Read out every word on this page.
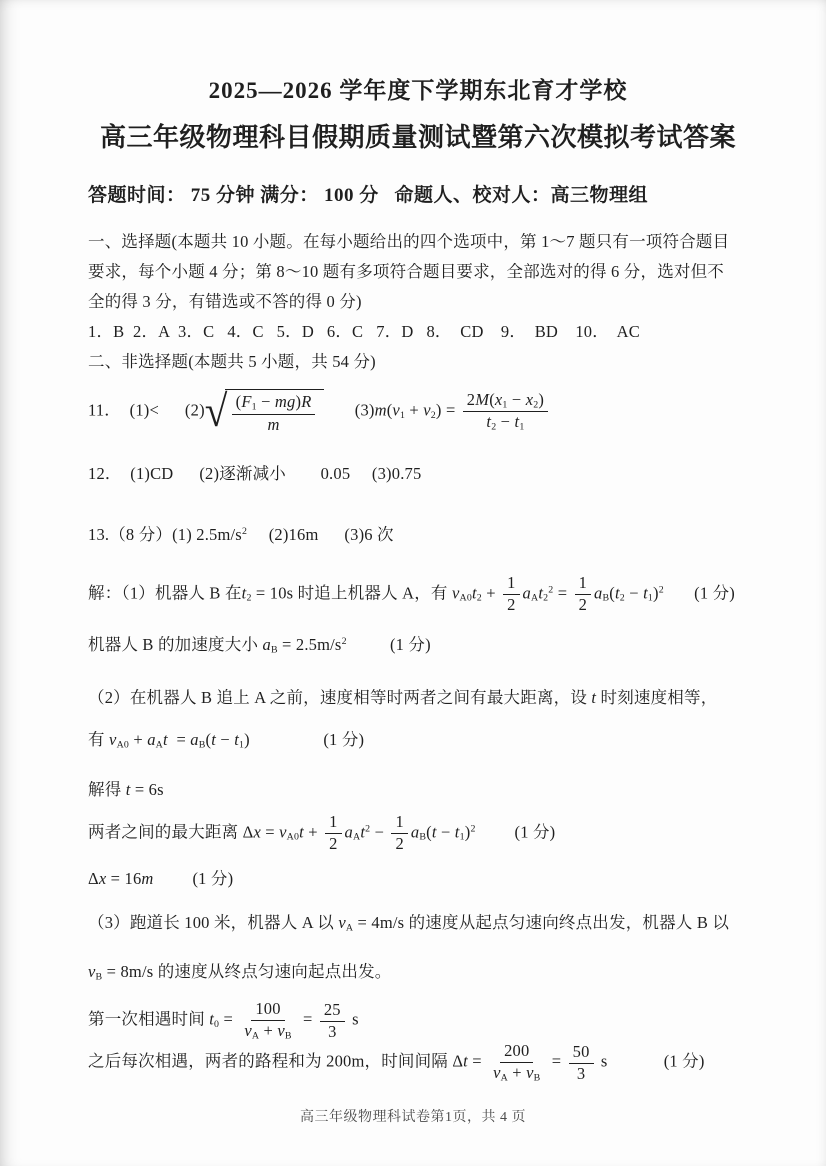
2025—2026 学年度下学期东北育才学校
高三年级物理科目假期质量测试暨第六次模拟考试答案

答题时间： 75 分钟 满分： 100 分   命题人、校对人：高三物理组

一、选择题(本题共 10 小题。在每小题给出的四个选项中，第 1～7 题只有一项符合题目
要求，每个小题 4 分；第 8～10 题有多项符合题目要求，全部选对的得 6 分，选对但不
全的得 3 分，有错选或不答的得 0 分)
1．B  2．A  3．C   4．C   5．D   6．C   7．D   8．  CD    9．  BD    10．  AC
二、非选择题(本题共 5 小题，共 54 分)
11．  (1)<      (2) √ $\frac{(F1 - mg)R}{m} (3)m(v1 + v2) = \frac{2M(x1 - x2)}{t2 - t1}$
12．  (1)CD      (2)逐渐减小        0.05     (3)0.75
13.（8 分）(1) $2.5m/s^2$     (2)16m      (3)6 次
解：（1）机器人 B 在t2 = 10s 时追上机器人 A，有 $vA0t2 + \frac{1}{2} aAt2^2 = \frac{1}{2} aB(t2 - t1)^2$       (1 分)
机器人 B 的加速度大小 aB = $2.5m/s^2$          (1 分)
（2）在机器人 B 追上 A 之前，速度相等时两者之间有最大距离，设 t 时刻速度相等，
有 vA0 + aAt  = aB(t − t1)                 (1 分)
解得 t = 6s
两者之间的最大距离 $\Delta x = vA0t + \frac{1}{2} aAt^2 - \frac{1}{2} aB(t - t1)^2$         (1 分)
Δx = 16m         (1 分)
（3）跑道长 100 米，机器人 A 以 vA = 4m/s 的速度从起点匀速向终点出发，机器人 B 以
vB = 8m/s 的速度从终点匀速向起点出发。
第一次相遇时间 $t0 = \frac{100}{vA + vB} = \frac{25}{3}$ s
之后每次相遇，两者的路程和为 200m，时间间隔 $\Delta t = \frac{200}{vA + vB} = \frac{50}{3}$ s             (1 分)
高三年级物理科试卷第1页，共 4 页
